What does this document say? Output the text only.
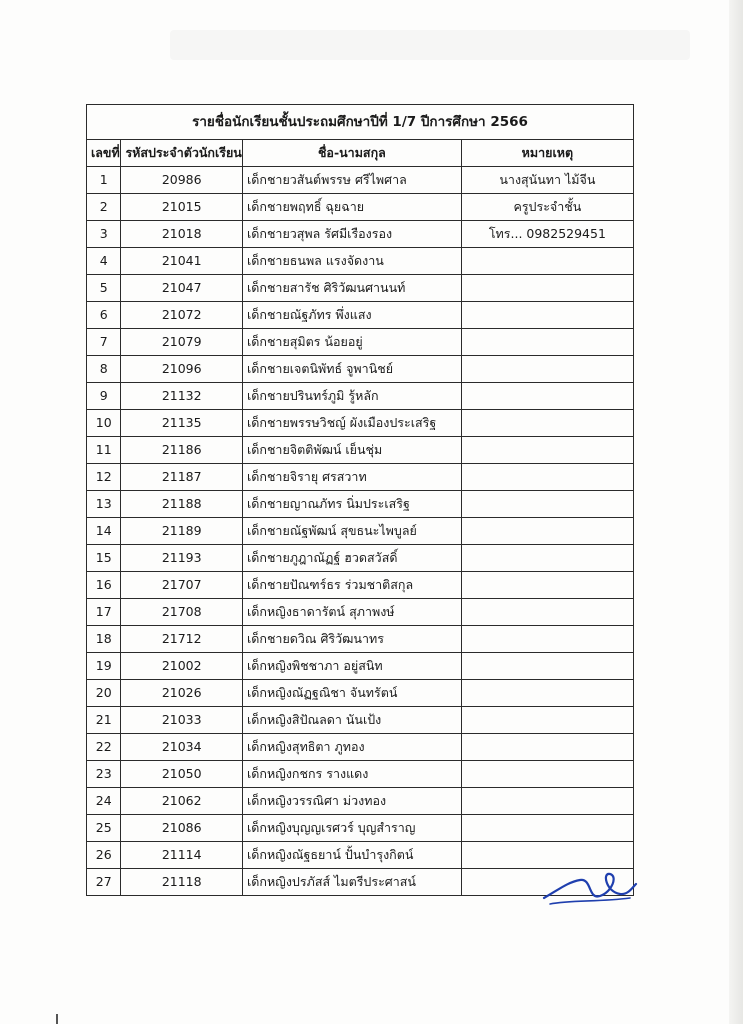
รายชื่อนักเรียนชั้นประถมศึกษาปีที่ 1/7 ปีการศึกษา 2566			
เลขที่	รหัสประจำตัวนักเรียน	ชื่อ-นามสกุล	หมายเหตุ
1	20986	เด็กชายวสันต์พรรษ ศรีไพศาล	นางสุนันทา ไม้จีน
2	21015	เด็กชายพฤทธิ์ ฉุยฉาย	ครูประจำชั้น
3	21018	เด็กชายวสุพล รัศมีเรืองรอง	โทร... 0982529451
4	21041	เด็กชายธนพล แรงจัดงาน	
5	21047	เด็กชายสารัช ศิริวัฒนศานนท์	
6	21072	เด็กชายณัฐภัทร พึ่งแสง	
7	21079	เด็กชายสุมิตร น้อยอยู่	
8	21096	เด็กชายเจตนิพัทธ์ จูพานิชย์	
9	21132	เด็กชายปรินทร์ภูมิ รู้หลัก	
10	21135	เด็กชายพรรษวิชญ์ ผังเมืองประเสริฐ	
11	21186	เด็กชายจิตติพัฒน์ เย็นชุ่ม	
12	21187	เด็กชายจิรายุ ศรสวาท	
13	21188	เด็กชายญาณภัทร นิ่มประเสริฐ	
14	21189	เด็กชายณัฐพัฒน์ สุขธนะไพบูลย์	
15	21193	เด็กชายภูฎาณัฏฐ์ ฮวดสวัสดิ์	
16	21707	เด็กชายปัณฑร์ธร ร่วมชาติสกุล	
17	21708	เด็กหญิงธาดารัตน์ สุภาพงษ์	
18	21712	เด็กชายดวิณ ศิริวัฒนาทร	
19	21002	เด็กหญิงพิชชาภา อยู่สนิท	
20	21026	เด็กหญิงณัฏฐณิชา จันทรัตน์	
21	21033	เด็กหญิงสิปัณลดา นันเป้ง	
22	21034	เด็กหญิงสุทธิตา ภูทอง	
23	21050	เด็กหญิงกชกร รางแดง	
24	21062	เด็กหญิงวรรณิศา ม่วงทอง	
25	21086	เด็กหญิงบุญญเรศวร์ บุญสำราญ	
26	21114	เด็กหญิงณัฐธยาน์ ปั้นบำรุงกิตน์	
27	21118	เด็กหญิงปรภัสส์ ไมตรีประศาสน์	
